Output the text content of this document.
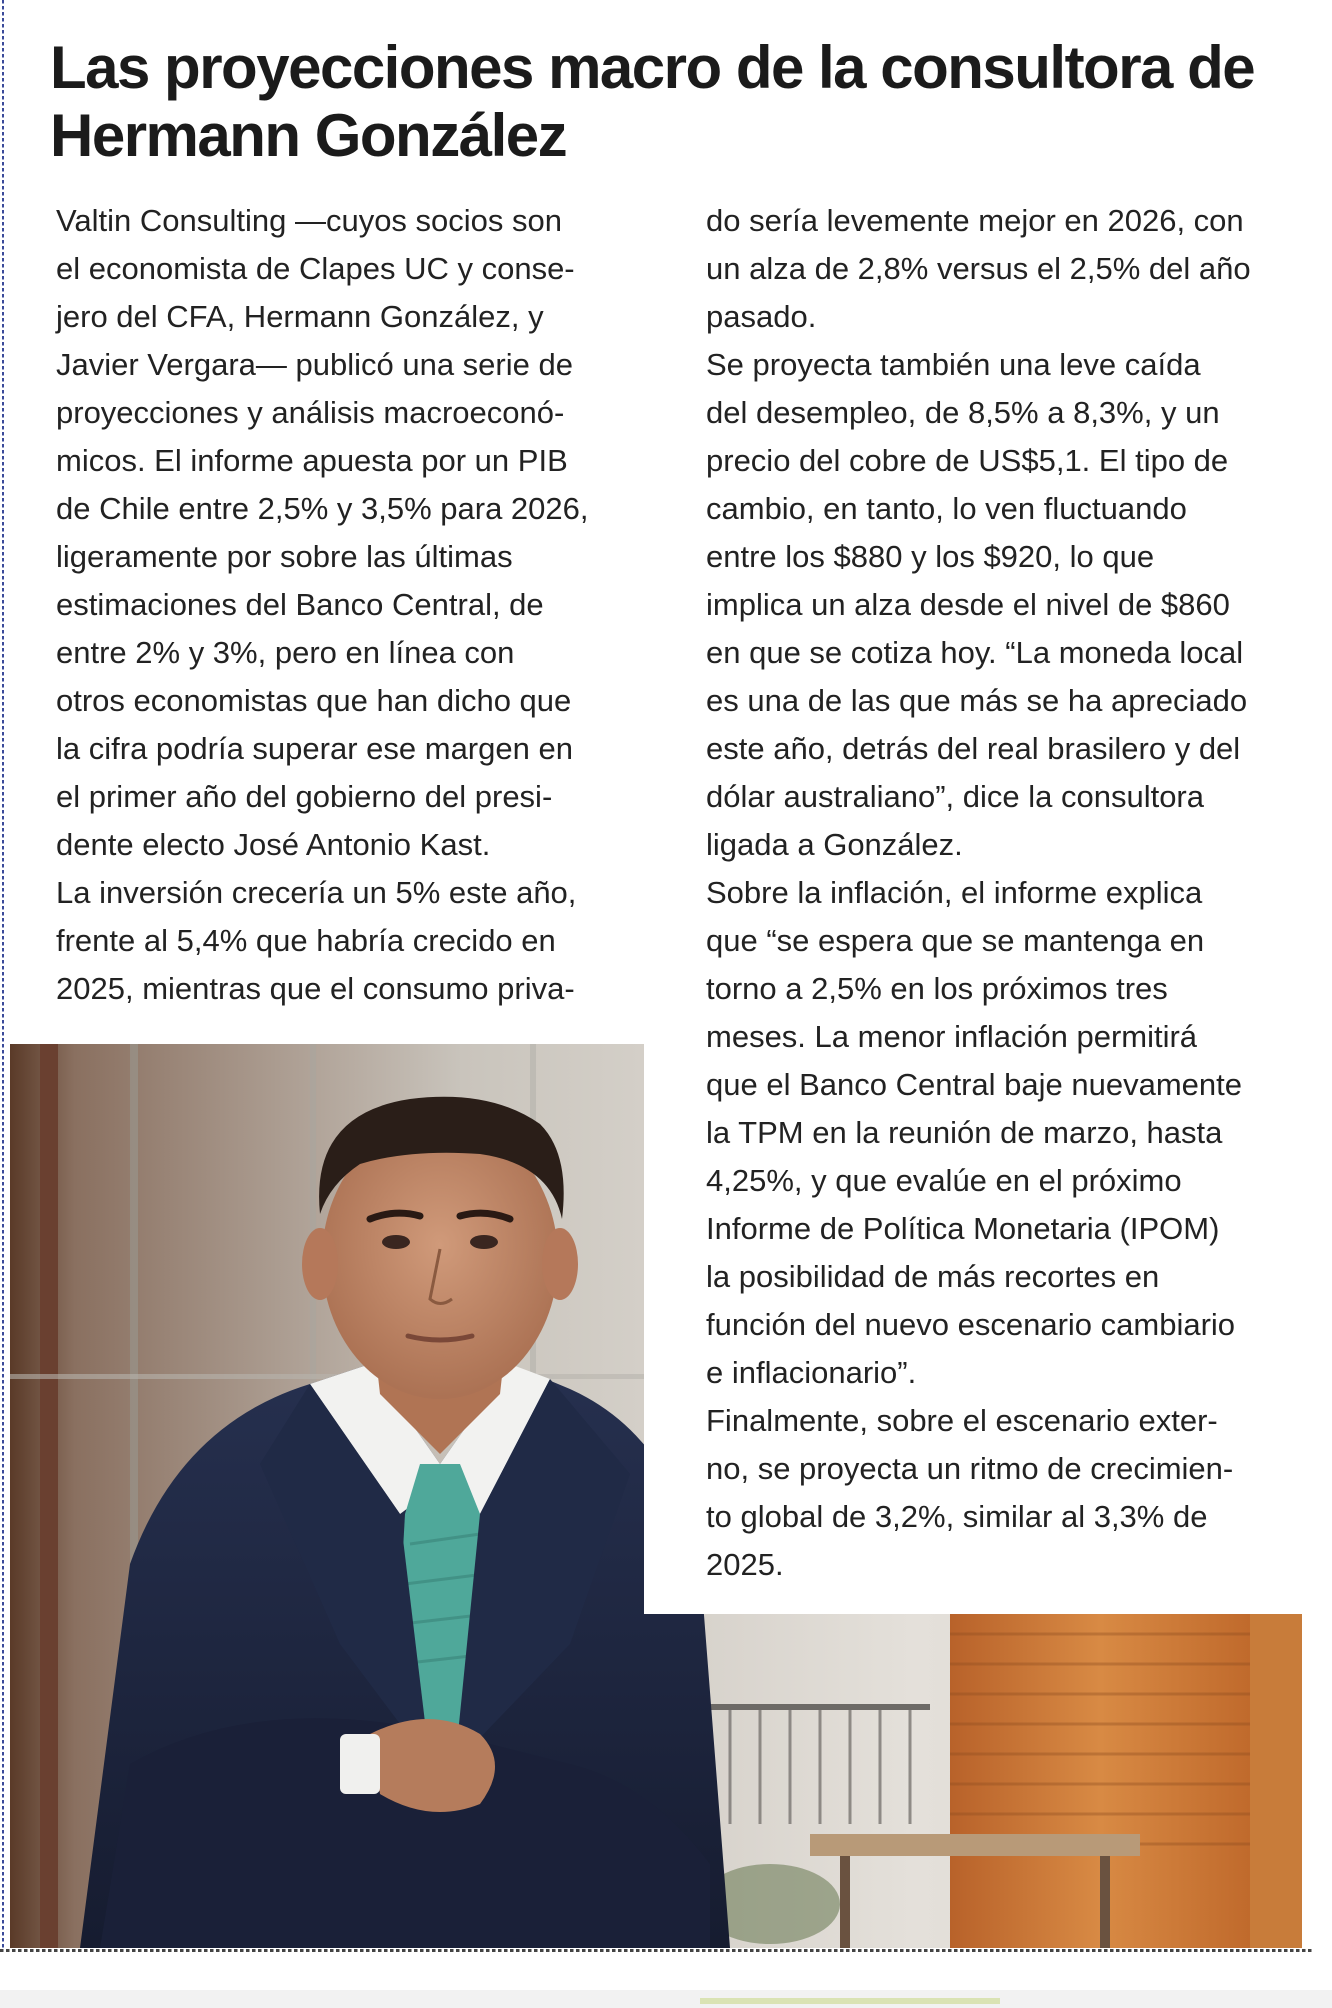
Las proyecciones macro de la consultora de Hermann González
Valtin Consulting —cuyos socios son
el economista de Clapes UC y conse-
jero del CFA, Hermann González, y
Javier Vergara— publicó una serie de
proyecciones y análisis macroeconó-
micos. El informe apuesta por un PIB
de Chile entre 2,5% y 3,5% para 2026,
ligeramente por sobre las últimas
estimaciones del Banco Central, de
entre 2% y 3%, pero en línea con
otros economistas que han dicho que
la cifra podría superar ese margen en
el primer año del gobierno del presi-
dente electo José Antonio Kast.
La inversión crecería un 5% este año,
frente al 5,4% que habría crecido en
2025, mientras que el consumo priva-
do sería levemente mejor en 2026, con
un alza de 2,8% versus el 2,5% del año
pasado.
Se proyecta también una leve caída
del desempleo, de 8,5% a 8,3%, y un
precio del cobre de US$5,1. El tipo de
cambio, en tanto, lo ven fluctuando
entre los $880 y los $920, lo que
implica un alza desde el nivel de $860
en que se cotiza hoy. “La moneda local
es una de las que más se ha apreciado
este año, detrás del real brasilero y del
dólar australiano”, dice la consultora
ligada a González.
Sobre la inflación, el informe explica
que “se espera que se mantenga en
torno a 2,5% en los próximos tres
meses. La menor inflación permitirá
que el Banco Central baje nuevamente
la TPM en la reunión de marzo, hasta
4,25%, y que evalúe en el próximo
Informe de Política Monetaria (IPOM)
la posibilidad de más recortes en
función del nuevo escenario cambiario
e inflacionario”.
Finalmente, sobre el escenario exter-
no, se proyecta un ritmo de crecimien-
to global de 3,2%, similar al 3,3% de
2025.
